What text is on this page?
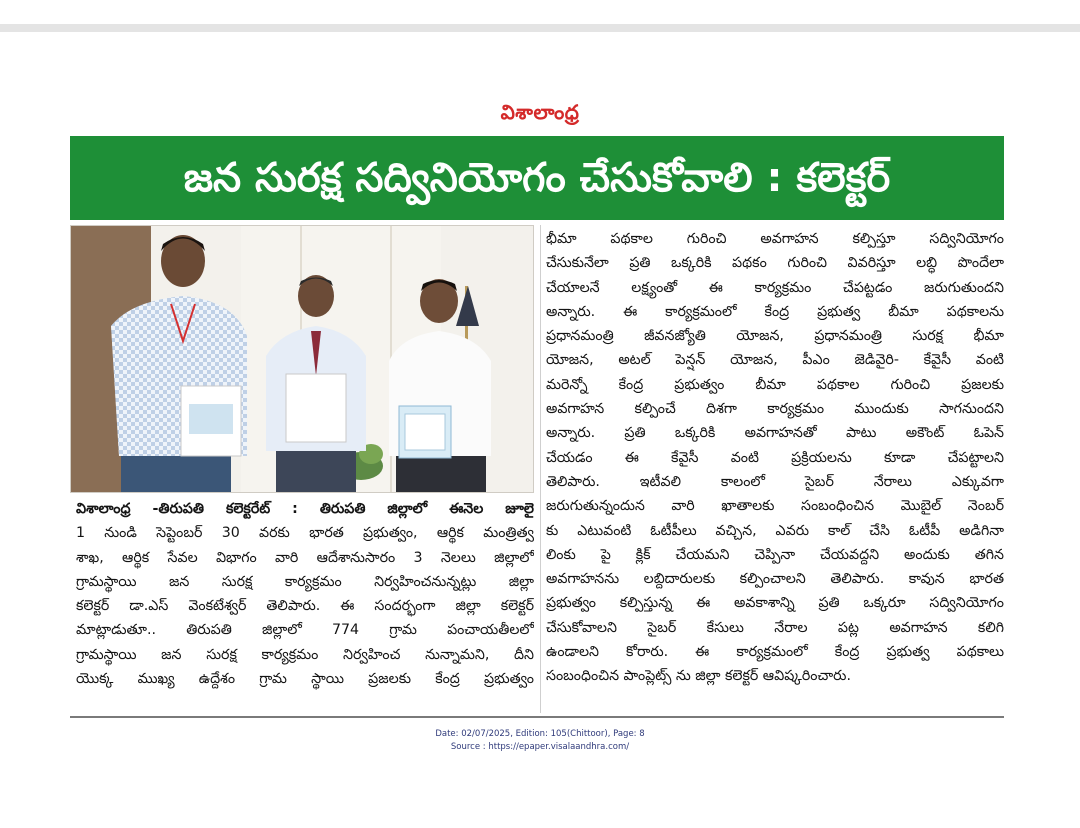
విశాలాంధ్ర
జన సురక్ష సద్వినియోగం చేసుకోవాలి : కలెక్టర్
విశాలాంధ్ర -తిరుపతి కలెక్టరేట్ : తిరుపతి జిల్లాలో ఈనెల జూలై
1 నుండి సెప్టెంబర్ 30 వరకు భారత ప్రభుత్వం, ఆర్థిక మంత్రిత్వ
శాఖ, ఆర్థిక సేవల విభాగం వారి ఆదేశానుసారం 3 నెలలు జిల్లాలో
గ్రామస్థాయి జన సురక్ష కార్యక్రమం నిర్వహించనున్నట్లు జిల్లా
కలెక్టర్ డా.ఎస్ వెంకటేశ్వర్ తెలిపారు. ఈ సందర్భంగా జిల్లా కలెక్టర్
మాట్లాడుతూ.. తిరుపతి జిల్లాలో 774 గ్రామ పంచాయతీలలో
గ్రామస్థాయి జన సురక్ష కార్యక్రమం నిర్వహించ నున్నామని, దీని
యొక్క ముఖ్య ఉద్దేశం గ్రామ స్థాయి ప్రజలకు కేంద్ర ప్రభుత్వం
భీమా పథకాల గురించి అవగాహన కల్పిస్తూ సద్వినియోగం
చేసుకునేలా ప్రతి ఒక్కరికి పథకం గురించి వివరిస్తూ లబ్ధి పొందేలా
చేయాలనే లక్ష్యంతో ఈ కార్యక్రమం చేపట్టడం జరుగుతుందని
అన్నారు. ఈ కార్యక్రమంలో కేంద్ర ప్రభుత్వ బీమా పథకాలను
ప్రధానమంత్రి జీవనజ్యోతి యోజన, ప్రధానమంత్రి సురక్ష భీమా
యోజన, అటల్ పెన్షన్ యోజన, పీఎం జెడివైరి- కేవైసీ వంటి
మరెన్నో కేంద్ర ప్రభుత్వం బీమా పథకాల గురించి ప్రజలకు
అవగాహన కల్పించే దిశగా కార్యక్రమం ముందుకు సాగనుందని
అన్నారు. ప్రతి ఒక్కరికి అవగాహనతో పాటు అకౌంట్ ఓపెన్
చేయడం ఈ కేవైసీ వంటి ప్రక్రియలను కూడా చేపట్టాలని
తెలిపారు. ఇటీవలి కాలంలో సైబర్ నేరాలు ఎక్కువగా
జరుగుతున్నందున వారి ఖాతాలకు సంబంధించిన మొబైల్ నెంబర్
కు ఎటువంటి ఓటీపీలు వచ్చిన, ఎవరు కాల్ చేసి ఓటీపీ అడిగినా
లింకు పై క్లిక్ చేయమని చెప్పినా చేయవద్దని అందుకు తగిన
అవగాహనను లబ్దిదారులకు కల్పించాలని తెలిపారు. కావున భారత
ప్రభుత్వం కల్పిస్తున్న ఈ అవకాశాన్ని ప్రతి ఒక్కరూ సద్వినియోగం
చేసుకోవాలని సైబర్ కేసులు నేరాల పట్ల అవగాహన కలిగి
ఉండాలని కోరారు. ఈ కార్యక్రమంలో కేంద్ర ప్రభుత్వ పథకాలు
సంబంధించిన పాంప్లెట్స్ ను జిల్లా కలెక్టర్ ఆవిష్కరించారు.
Date: 02/07/2025, Edition: 105(Chittoor), Page: 8
Source : https://epaper.visalaandhra.com/
